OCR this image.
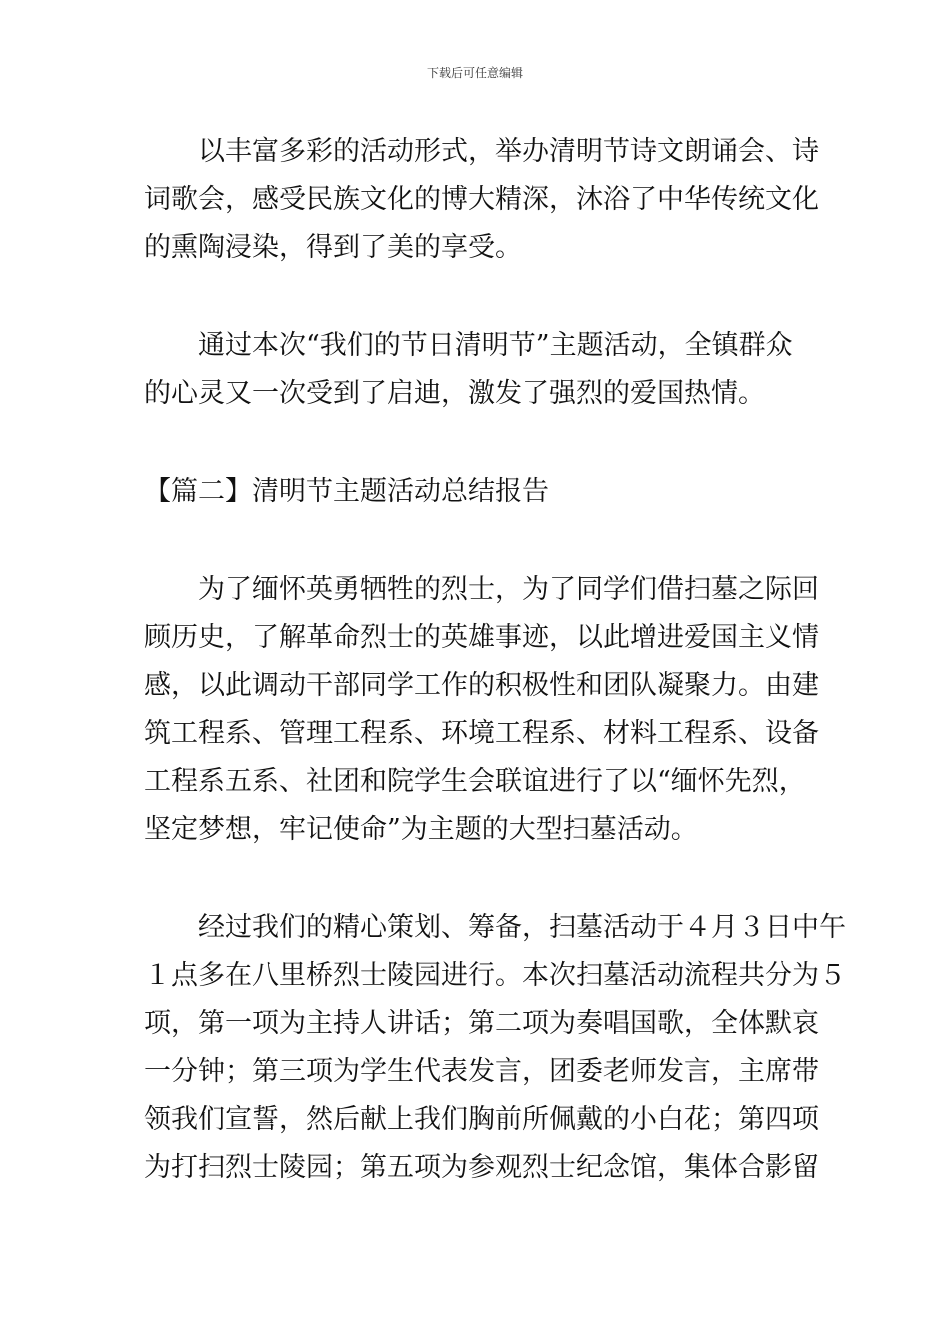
下载后可任意编辑
以丰富多彩的活动形式，举办清明节诗文朗诵会、诗
词歌会，感受民族文化的博大精深，沐浴了中华传统文化
的熏陶浸染，得到了美的享受。
通过本次“我们的节日清明节”主题活动，全镇群众
的心灵又一次受到了启迪，激发了强烈的爱国热情。
【篇二】清明节主题活动总结报告
为了缅怀英勇牺牲的烈士，为了同学们借扫墓之际回
顾历史，了解革命烈士的英雄事迹，以此增进爱国主义情
感，以此调动干部同学工作的积极性和团队凝聚力。由建
筑工程系、管理工程系、环境工程系、材料工程系、设备
工程系五系、社团和院学生会联谊进行了以“缅怀先烈，
坚定梦想，牢记使命”为主题的大型扫墓活动。
经过我们的精心策划、筹备，扫墓活动于４月３日中午
１点多在八里桥烈士陵园进行。本次扫墓活动流程共分为５
项，第一项为主持人讲话；第二项为奏唱国歌，全体默哀
一分钟；第三项为学生代表发言，团委老师发言，主席带
领我们宣誓，然后献上我们胸前所佩戴的小白花；第四项
为打扫烈士陵园；第五项为参观烈士纪念馆，集体合影留
